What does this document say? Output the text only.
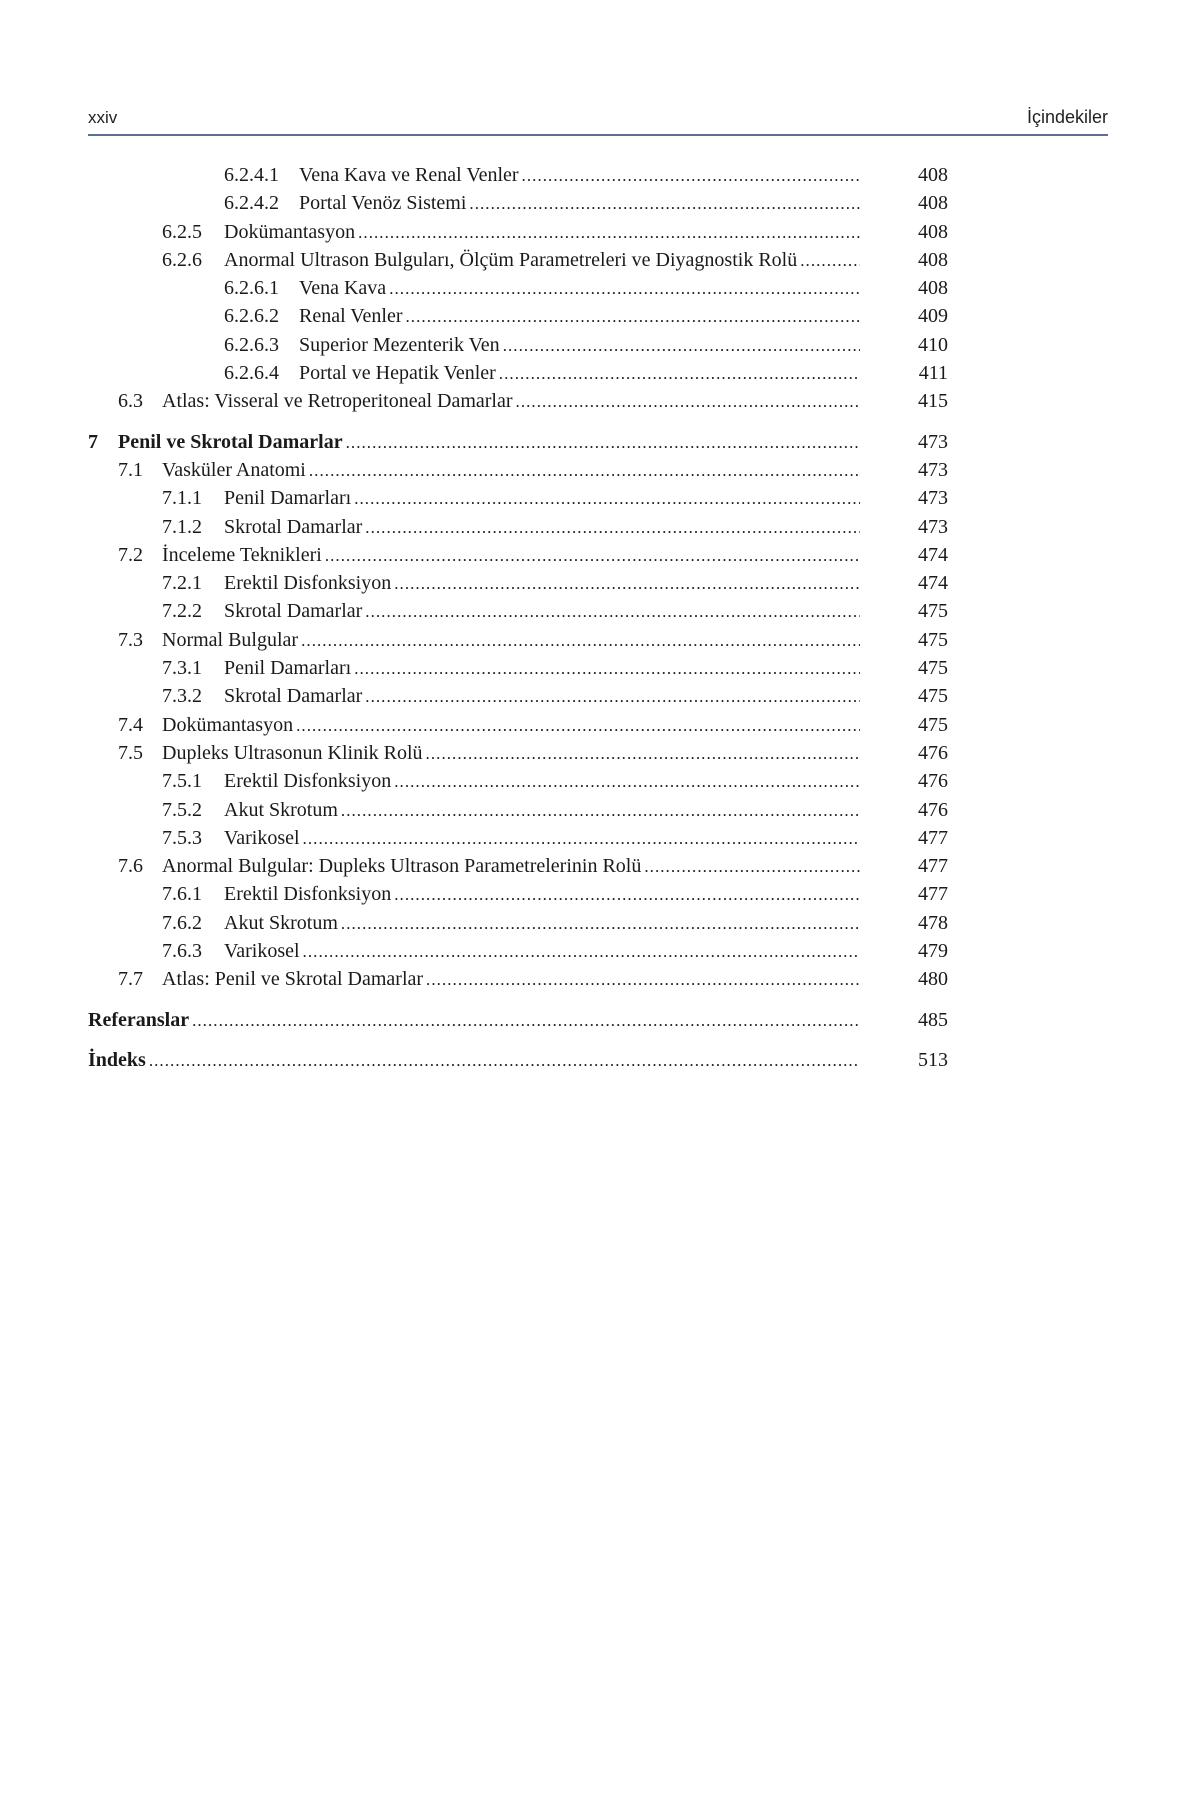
xxiv	İçindekiler
6.2.4.1 Vena Kava ve Renal Venler . . .	408
6.2.4.2 Portal Venöz Sistemi . . .	408
6.2.5 Dokümantasyon . . .	408
6.2.6 Anormal Ultrason Bulguları, Ölçüm Parametreleri ve Diyagnostik Rolü . . .	408
6.2.6.1 Vena Kava . . .	408
6.2.6.2 Renal Venler . . .	409
6.2.6.3 Superior Mezenterik Ven . . .	410
6.2.6.4 Portal ve Hepatik Venler . . .	411
6.3 Atlas: Visseral ve Retroperitoneal Damarlar . . .	415
7 Penil ve Skrotal Damarlar . . .	473
7.1 Vasküler Anatomi . . .	473
7.1.1 Penil Damarları . . .	473
7.1.2 Skrotal Damarlar . . .	473
7.2 İnceleme Teknikleri . . .	474
7.2.1 Erektil Disfonksiyon . . .	474
7.2.2 Skrotal Damarlar . . .	475
7.3 Normal Bulgular . . .	475
7.3.1 Penil Damarları . . .	475
7.3.2 Skrotal Damarlar . . .	475
7.4 Dokümantasyon . . .	475
7.5 Dupleks Ultrasonun Klinik Rolü . . .	476
7.5.1 Erektil Disfonksiyon . . .	476
7.5.2 Akut Skrotum . . .	476
7.5.3 Varikosel . . .	477
7.6 Anormal Bulgular: Dupleks Ultrason Parametrelerinin Rolü . . .	477
7.6.1 Erektil Disfonksiyon . . .	477
7.6.2 Akut Skrotum . . .	478
7.6.3 Varikosel . . .	479
7.7 Atlas: Penil ve Skrotal Damarlar . . .	480
Referanslar . . .	485
İndeks . . .	513
